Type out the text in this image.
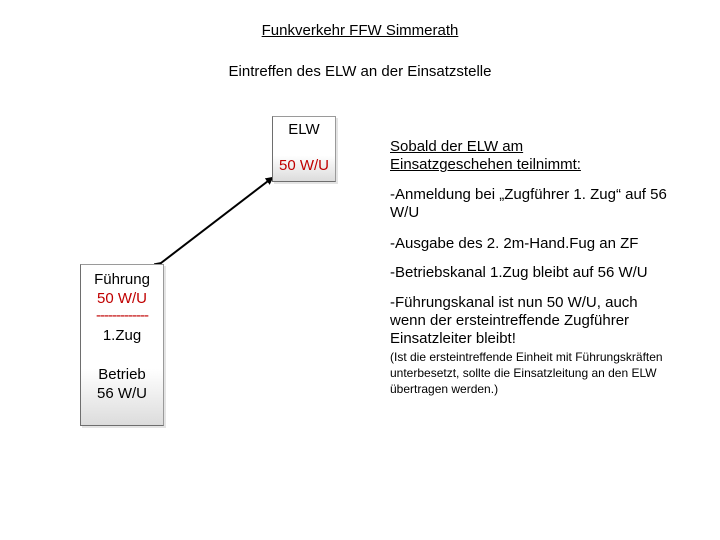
Funkverkehr FFW Simmerath
Eintreffen des ELW an der Einsatzstelle
ELW
50 W/U
Führung
50 W/U
-------------
1.Zug
Betrieb
56 W/U
Sobald der ELW am Einsatzgeschehen teilnimmt:
-Anmeldung bei „Zugführer 1. Zug“ auf 56 W/U
-Ausgabe des 2. 2m-Hand.Fug an ZF
-Betriebskanal 1.Zug bleibt auf 56 W/U
-Führungskanal ist nun 50 W/U, auch wenn der ersteintreffende Zugführer Einsatzleiter bleibt!
(Ist die ersteintreffende Einheit mit Führungskräften unterbesetzt, sollte die Einsatzleitung an den ELW übertragen werden.)
